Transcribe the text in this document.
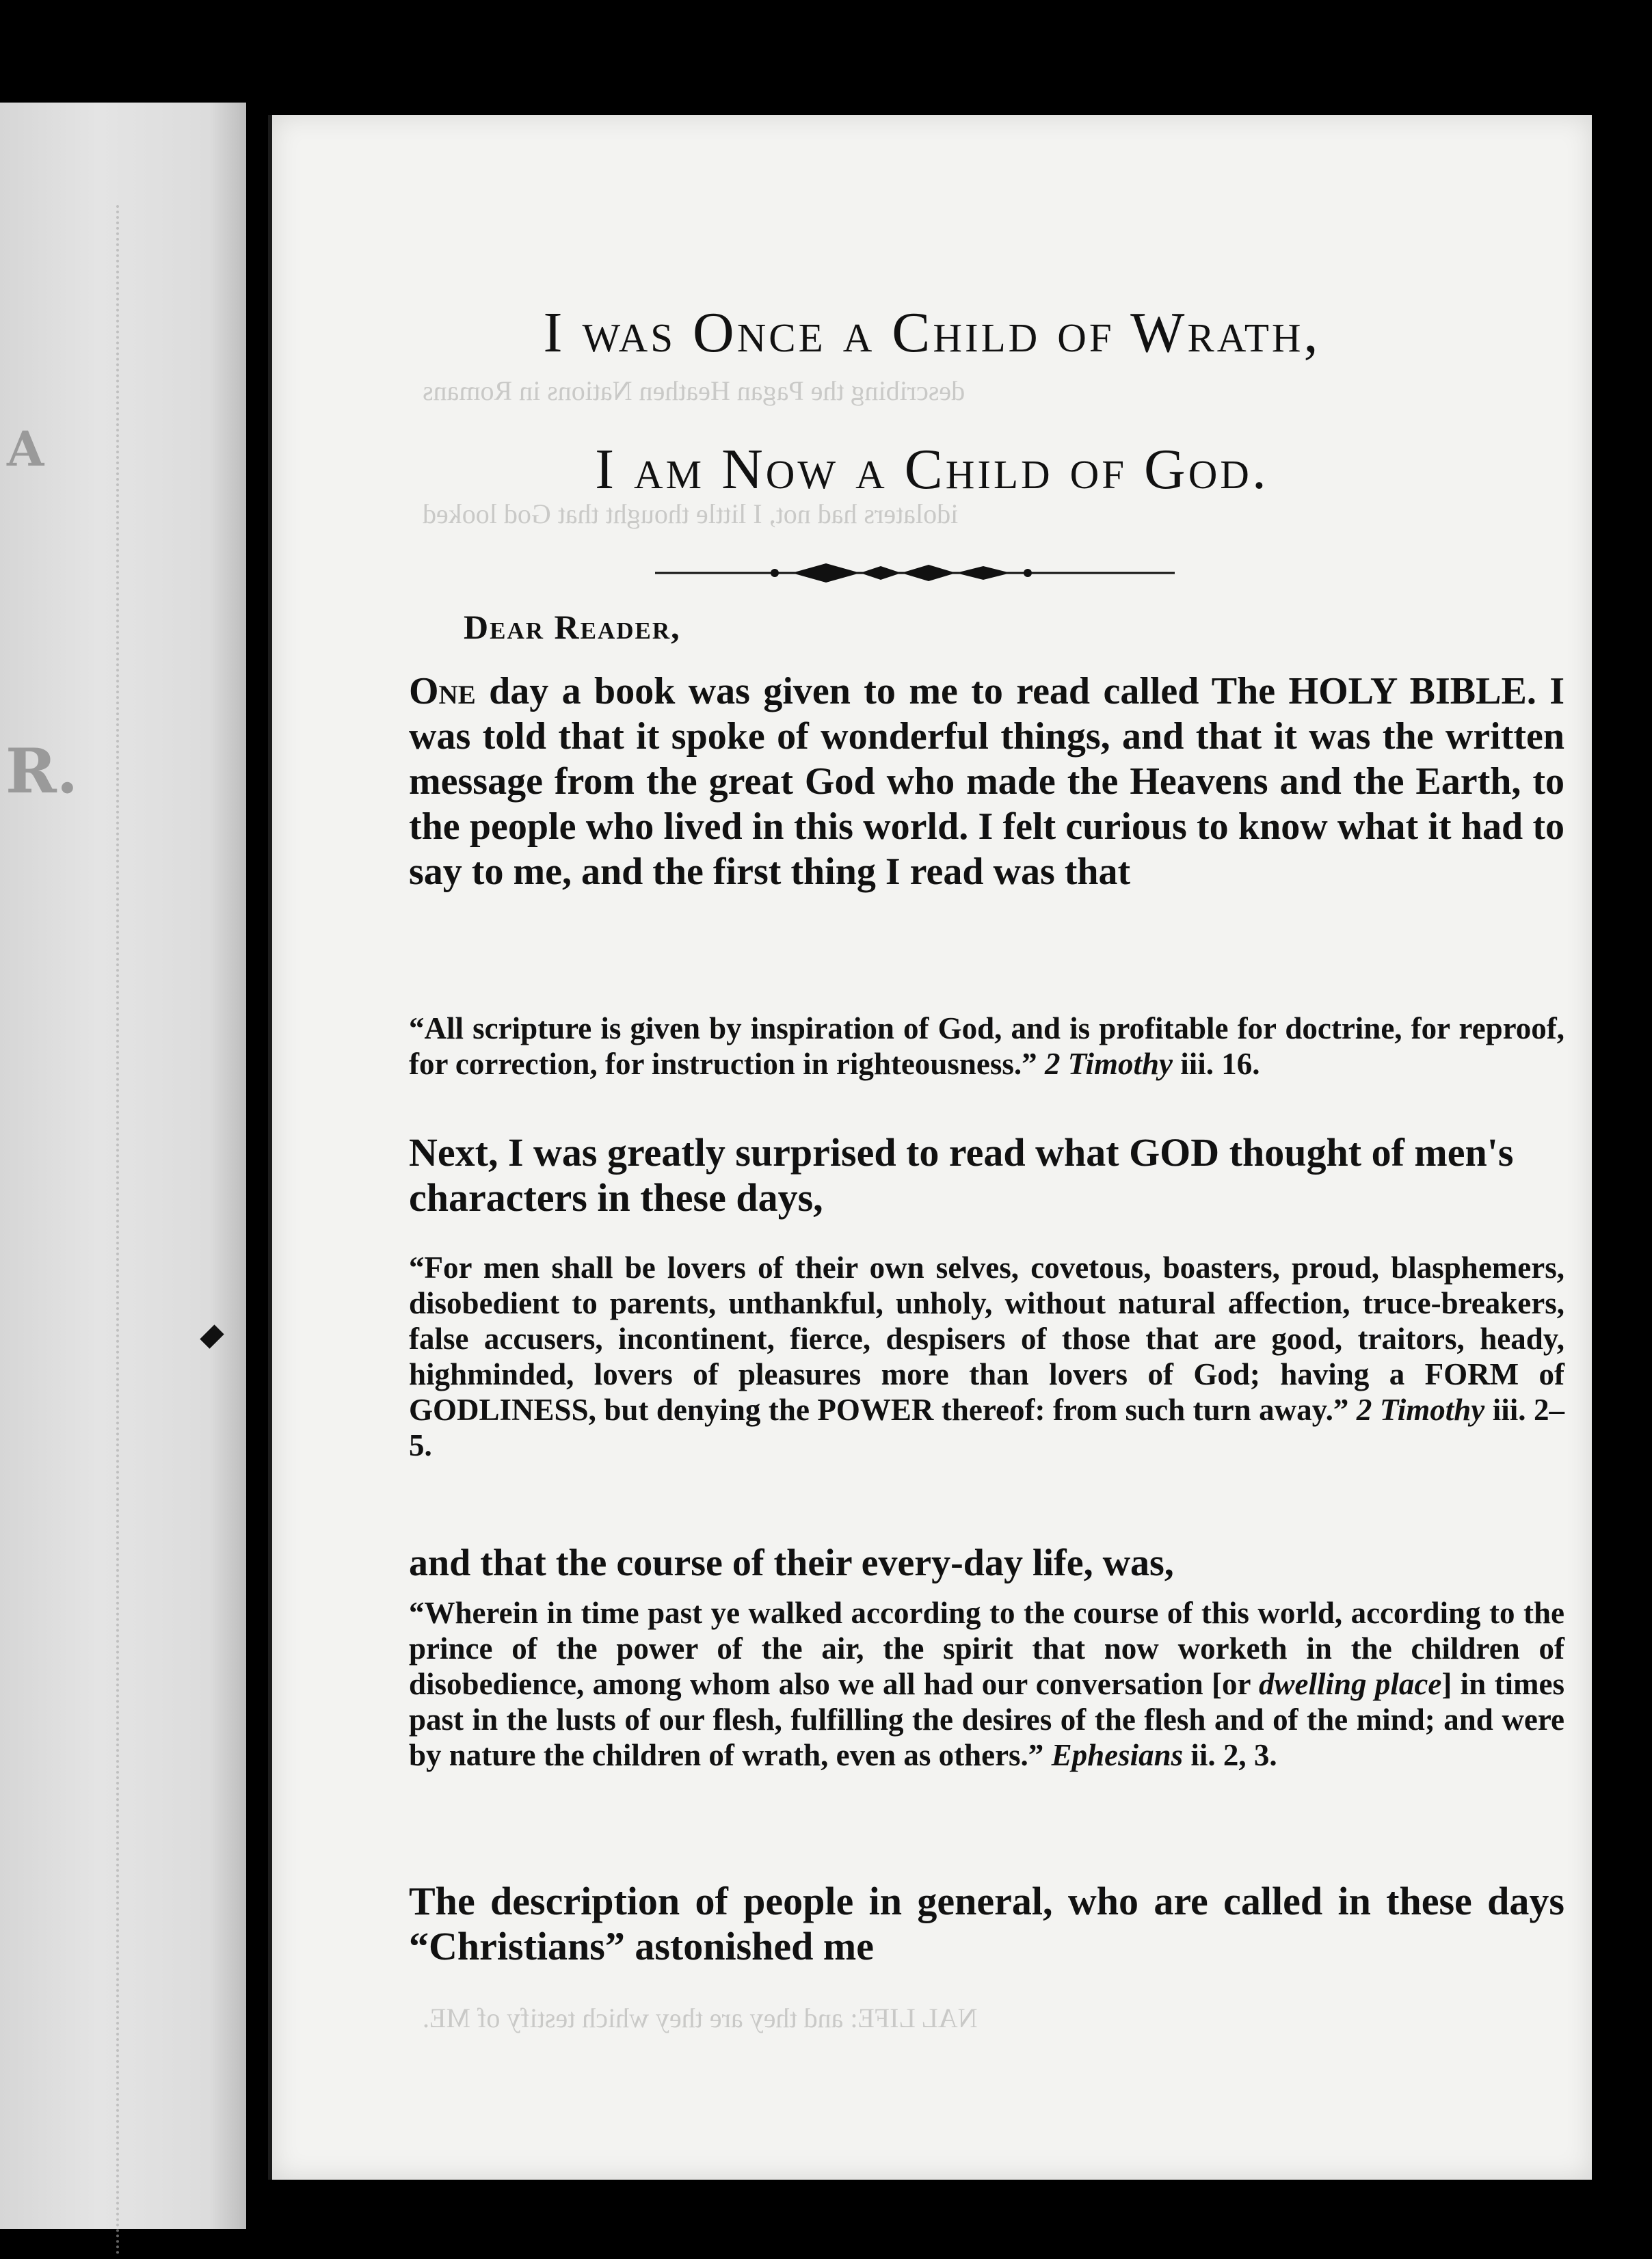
A
R.
describing the Pagan Heathen Nations in Romans
idolaters had not, I little thought that God looked
NAL LIFE: and they are they which testify of ME.
I was Once a Child of Wrath,
I am Now a Child of God.
Dear Reader,
One day a book was given to me to read called The HOLY BIBLE. I was told that it spoke of wonderful things, and that it was the written message from the great God who made the Heavens and the Earth, to the people who lived in this world. I felt curious to know what it had to say to me, and the first thing I read was that
“All scripture is given by inspiration of God, and is profitable for doctrine, for reproof, for correction, for instruction in righteousness.” 2 Timothy iii. 16.
Next, I was greatly surprised to read what GOD thought of men's characters in these days,
“For men shall be lovers of their own selves, covetous, boasters, proud, blasphemers, disobedient to parents, unthankful, unholy, without natural affection, truce-breakers, false accusers, incontinent, fierce, despisers of those that are good, traitors, heady, highminded, lovers of pleasures more than lovers of God; having a FORM of GODLINESS, but denying the POWER thereof: from such turn away.” 2 Timothy iii. 2–5.
and that the course of their every-day life, was,
“Wherein in time past ye walked according to the course of this world, according to the prince of the power of the air, the spirit that now worketh in the children of disobedience, among whom also we all had our conversation [or dwelling place] in times past in the lusts of our flesh, fulfilling the desires of the flesh and of the mind; and were by nature the children of wrath, even as others.” Ephesians ii. 2, 3.
The description of people in general, who are called in these days “Christians” astonished me
